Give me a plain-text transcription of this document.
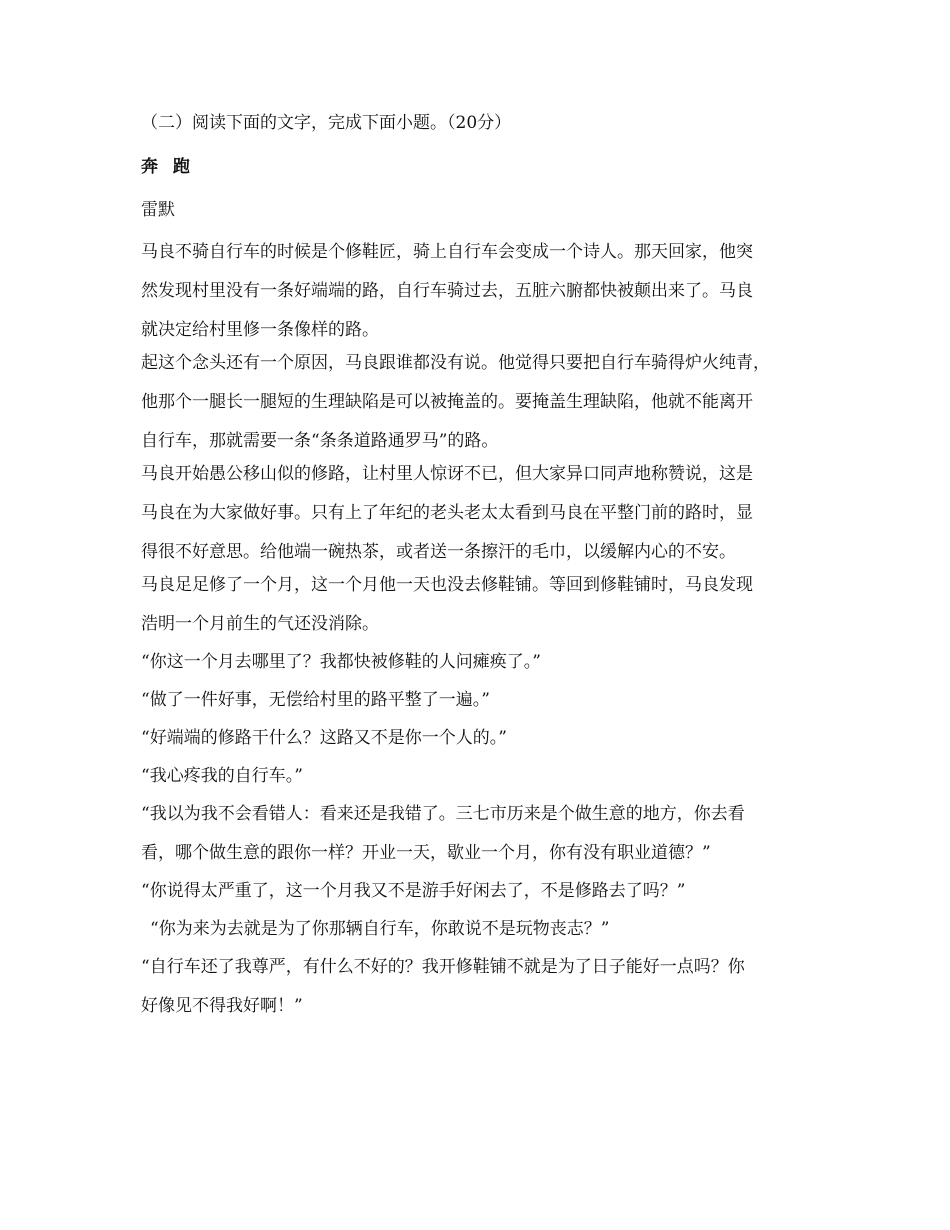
（二）阅读下面的文字，完成下面小题。（20分）

奔  跑

雷默

马良不骑自行车的时候是个修鞋匠，骑上自行车会变成一个诗人。那天回家，他突

然发现村里没有一条好端端的路，自行车骑过去，五脏六腑都快被颠出来了。马良

就决定给村里修一条像样的路。

起这个念头还有一个原因，马良跟谁都没有说。他觉得只要把自行车骑得炉火纯青，

他那个一腿长一腿短的生理缺陷是可以被掩盖的。要掩盖生理缺陷，他就不能离开

自行车，那就需要一条“条条道路通罗马”的路。

马良开始愚公移山似的修路，让村里人惊讶不已，但大家异口同声地称赞说，这是

马良在为大家做好事。只有上了年纪的老头老太太看到马良在平整门前的路时，显

得很不好意思。给他端一碗热茶，或者送一条擦汗的毛巾，以缓解内心的不安。

马良足足修了一个月，这一个月他一天也没去修鞋铺。等回到修鞋铺时，马良发现

浩明一个月前生的气还没消除。

“你这一个月去哪里了？我都快被修鞋的人问瘫痪了。”

“做了一件好事，无偿给村里的路平整了一遍。”

“好端端的修路干什么？这路又不是你一个人的。”

“我心疼我的自行车。”

“我以为我不会看错人：看来还是我错了。三七市历来是个做生意的地方，你去看

看，哪个做生意的跟你一样？开业一天，歇业一个月，你有没有职业道德？”

“你说得太严重了，这一个月我又不是游手好闲去了，不是修路去了吗？”

“你为来为去就是为了你那辆自行车，你敢说不是玩物丧志？”

“自行车还了我尊严，有什么不好的？我开修鞋铺不就是为了日子能好一点吗？你

好像见不得我好啊！”
